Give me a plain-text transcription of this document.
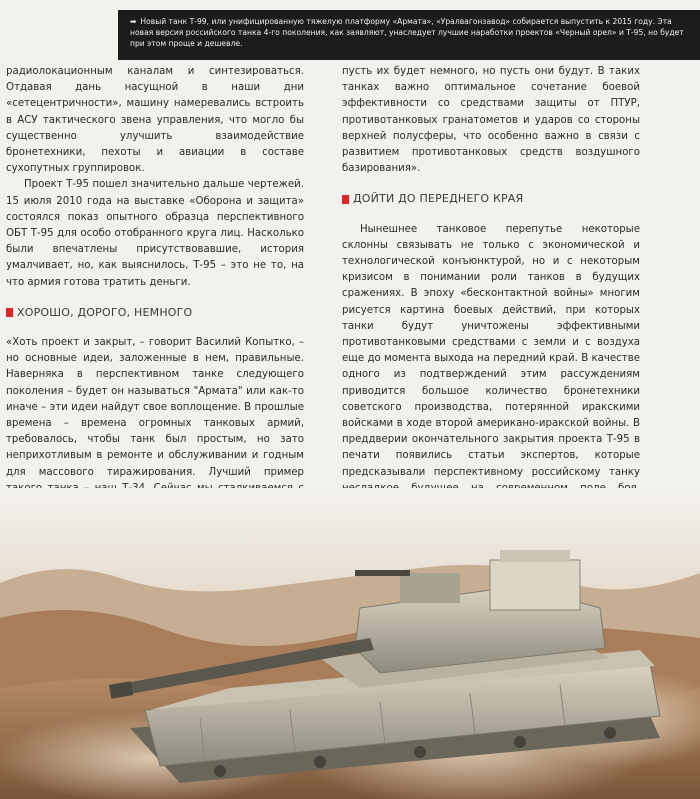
➡ Новый танк Т-99, или унифицированную тяжелую платформу «Армата», «Уралвагонзавод» собирается выпустить к 2015 году. Эта новая версия российского танка 4-го поколения, как заявляют, унаследует лучшие наработки проектов «Черный орел» и Т-95, но будет при этом проще и дешевле.

радиолокационным каналам и синтезироваться. Отдавая дань насущной в наши дни «сетецентричности», машину намеревались встроить в АСУ тактического звена управления, что могло бы существенно улучшить взаимодействие бронетехники, пехоты и авиации в составе сухопутных группировок.

Проект Т-95 пошел значительно дальше чертежей. 15 июля 2010 года на выставке «Оборона и защита» состоялся показ опытного образца перспективного ОБТ Т-95 для особо отобранного круга лиц. Насколько были впечатлены присутствовавшие, история умалчивает, но, как выяснилось, Т-95 – это не то, на что армия готова тратить деньги.

ХОРОШО, ДОРОГО, НЕМНОГО

«Хоть проект и закрыт, – говорит Василий Копытко, – но основные идеи, заложенные в нем, правильные. Наверняка в перспективном танке следующего поколения – будет он называться "Армата" или как-то иначе – эти идеи найдут свое воплощение. В прошлые времена – времена огромных танковых армий, требовалось, чтобы танк был простым, но зато неприхотливым в ремонте и обслуживании и годным для массового тиражирования. Лучший пример

пусть их будет немного, но пусть они будут. В таких танках важно оптимальное сочетание боевой эффективности со средствами защиты от ПТУР, противотанковых гранатометов и ударов со стороны верхней полусферы, что особенно важно в связи с развитием противотанковых средств воздушного базирования».

ДОЙТИ ДО ПЕРЕДНЕГО КРАЯ

Нынешнее танковое перепутье некоторые склонны связывать не только с экономической и технологической конъюнктурой, но и с некоторым кризисом в понимании роли танков в будущих сражениях. В эпоху «бесконтактной войны» многим рисуется картина боевых действий, при которых танки будут уничтожены эффективными противотанковыми средствами с земли и с воздуха еще до момента выхода на передний край. В качестве одного из подтверждений этим рассуждениям приводится большое количество бронетехники советского производства, потерянной иракскими войсками в ходе второй американо-иракской войны. В преддверии окончательного закрытия проекта Т-95 в печати появились статьи экспертов, которые предсказывали перспективному российскому танку
